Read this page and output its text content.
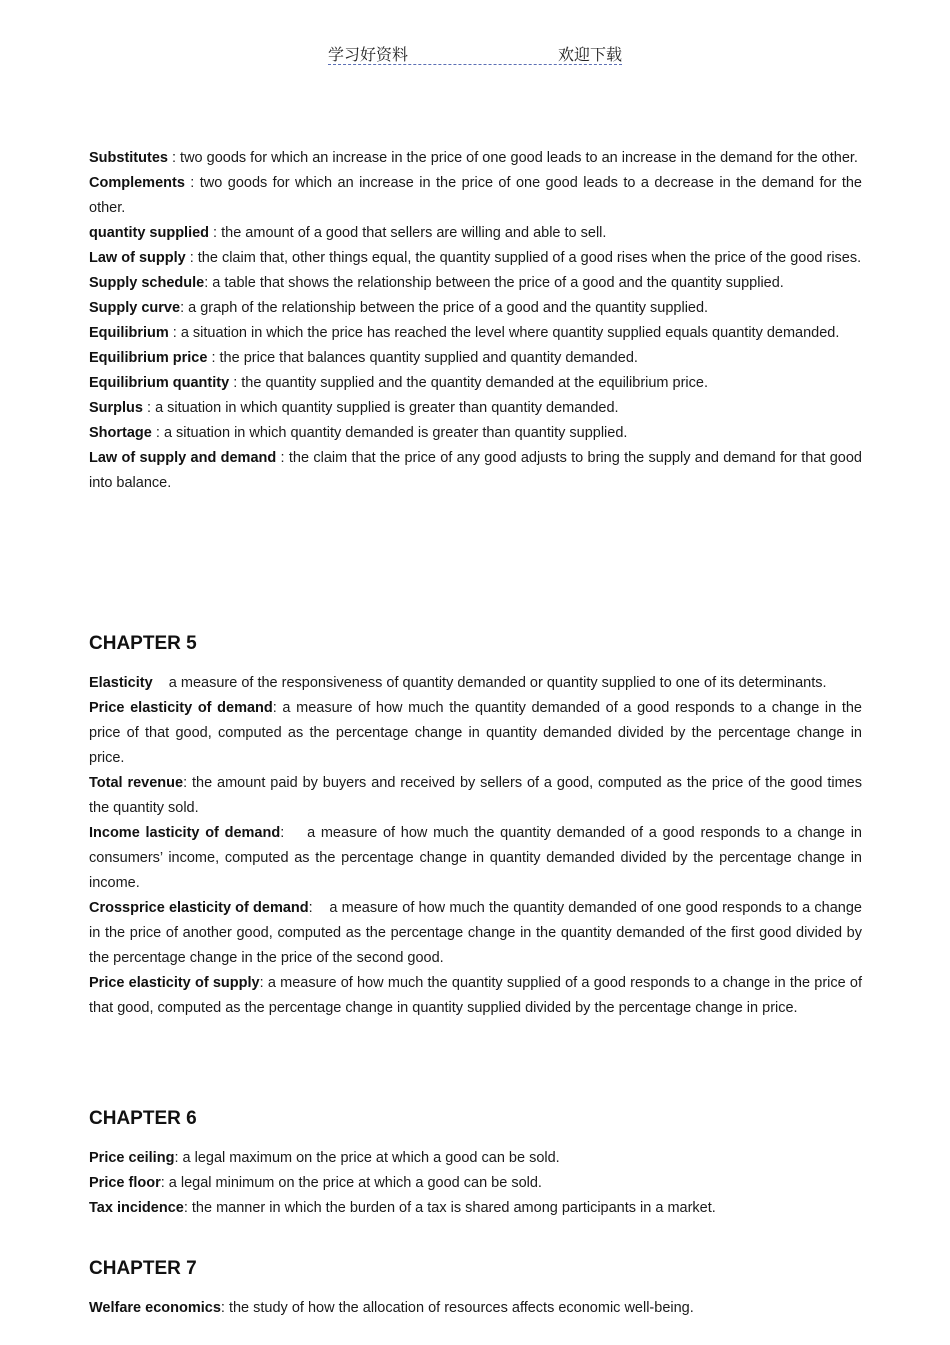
学习好资料	欢迎下载

Substitutes : two goods for which an increase in the price of one good leads to an increase in the demand for the other.

Complements : two goods for which an increase in the price of one good leads to a decrease in the demand for the other.

quantity supplied : the amount of a good that sellers are willing and able to sell.

Law of supply : the claim that, other things equal, the quantity supplied of a good rises when the price of the good rises.

Supply schedule: a table that shows the relationship between the price of a good and the quantity supplied.

Supply curve: a graph of the relationship between the price of a good and the quantity supplied.

Equilibrium : a situation in which the price has reached the level where quantity supplied equals quantity demanded.

Equilibrium price : the price that balances quantity supplied and quantity demanded.

Equilibrium quantity : the quantity supplied and the quantity demanded at the equilibrium price.

Surplus : a situation in which quantity supplied is greater than quantity demanded.

Shortage : a situation in which quantity demanded is greater than quantity supplied.

Law of supply and demand : the claim that the price of any good adjusts to bring the supply and demand for that good into balance.

CHAPTER 5

Elasticity a measure of the responsiveness of quantity demanded or quantity supplied to one of its determinants.

Price elasticity of demand: a measure of how much the quantity demanded of a good responds to a change in the price of that good, computed as the percentage change in quantity demanded divided by the percentage change in price.

Total revenue: the amount paid by buyers and received by sellers of a good, computed as the price of the good times the quantity sold.

Income lasticity of demand:    a measure of how much the quantity demanded of a good responds to a change in consumers’ income, computed as the percentage change in quantity demanded divided by the percentage change in income.

Crossprice elasticity of demand:    a measure of how much the quantity demanded of one good responds to a change in the price of another good, computed as the percentage change in the quantity demanded of the first good divided by the percentage change in the price of the second good.

Price elasticity of supply: a measure of how much the quantity supplied of a good responds to a change in the price of that good, computed as the percentage change in quantity supplied divided by the percentage change in price.

CHAPTER 6

Price ceiling: a legal maximum on the price at which a good can be sold.

Price floor: a legal minimum on the price at which a good can be sold.

Tax incidence: the manner in which the burden of a tax is shared among participants in a market.

CHAPTER 7

Welfare economics: the study of how the allocation of resources affects economic well-being.
